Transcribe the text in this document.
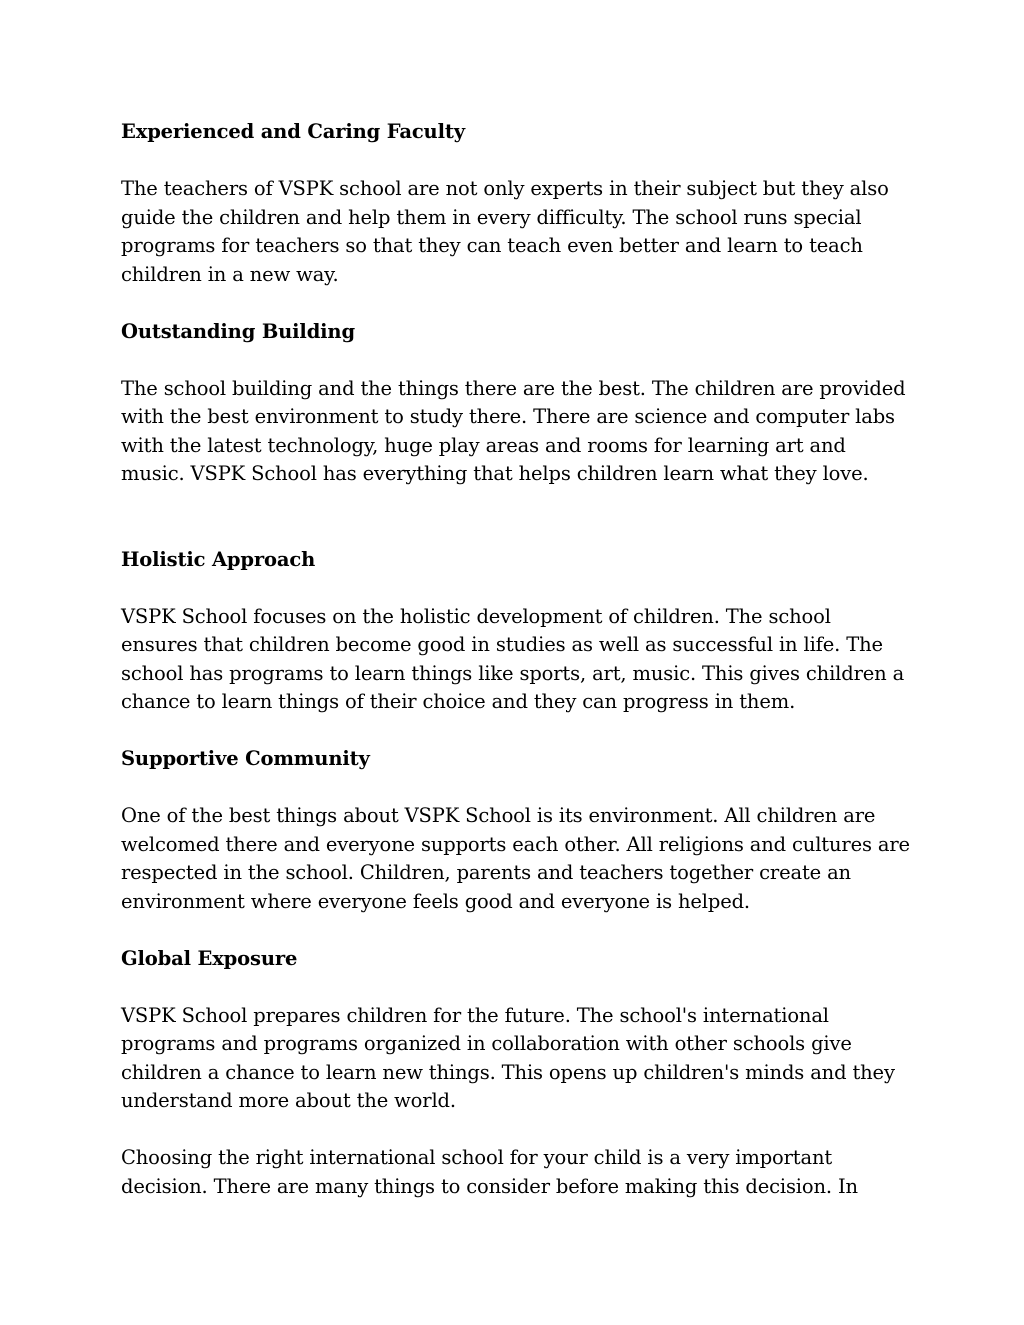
Experienced and Caring Faculty

The teachers of VSPK school are not only experts in their subject but they also guide the children and help them in every difficulty. The school runs special programs for teachers so that they can teach even better and learn to teach children in a new way.

Outstanding Building

The school building and the things there are the best. The children are provided with the best environment to study there. There are science and computer labs with the latest technology, huge play areas and rooms for learning art and music. VSPK School has everything that helps children learn what they love.

Holistic Approach

VSPK School focuses on the holistic development of children. The school ensures that children become good in studies as well as successful in life. The school has programs to learn things like sports, art, music. This gives children a chance to learn things of their choice and they can progress in them.

Supportive Community

One of the best things about VSPK School is its environment. All children are welcomed there and everyone supports each other. All religions and cultures are respected in the school. Children, parents and teachers together create an environment where everyone feels good and everyone is helped.

Global Exposure

VSPK School prepares children for the future. The school's international programs and programs organized in collaboration with other schools give children a chance to learn new things. This opens up children's minds and they understand more about the world.

Choosing the right international school for your child is a very important decision. There are many things to consider before making this decision. In
